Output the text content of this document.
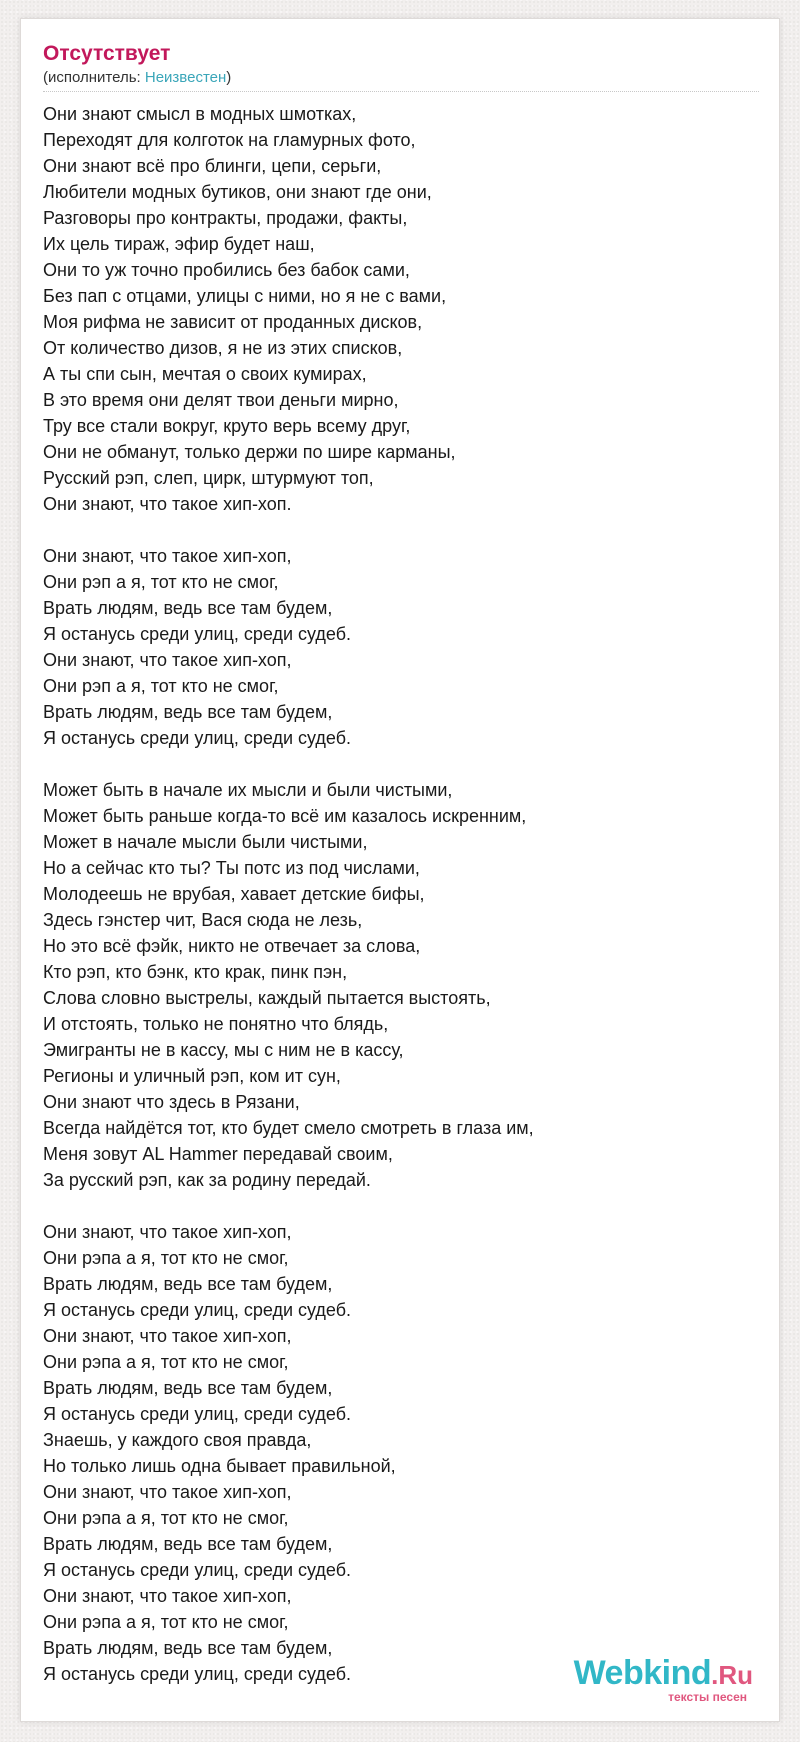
Отсутствует
(исполнитель: Неизвестен)
Они знают смысл в модных шмотках,
Переходят для колготок на гламурных фото,
Они знают всё про блинги, цепи, серьги,
Любители модных бутиков, они знают где они,
Разговоры про контракты, продажи, факты,
Их цель тираж, эфир будет наш,
Они то уж точно пробились без бабок сами,
Без пап с отцами, улицы с ними, но я не с вами,
Моя рифма не зависит от проданных дисков,
От количество дизов, я не из этих списков,
А ты спи сын, мечтая о своих кумирах,
В это время они делят твои деньги мирно,
Тру все стали вокруг, круто верь всему друг,
Они не обманут, только держи по шире карманы,
Русский рэп, слеп, цирк, штурмуют топ,
Они знают, что такое хип-хоп.
Они знают, что такое хип-хоп,
Они рэп а я, тот кто не смог,
Врать людям, ведь все там будем,
Я останусь среди улиц, среди судеб.
Они знают, что такое хип-хоп,
Они рэп а я, тот кто не смог,
Врать людям, ведь все там будем,
Я останусь среди улиц, среди судеб.
Может быть в начале их мысли и были чистыми,
Может быть раньше когда-то всё им казалось искренним,
Может в начале мысли были чистыми,
Но а сейчас кто ты? Ты потс из под числами,
Молодеешь не врубая, хавает детские бифы,
Здесь гэнстер чит, Вася сюда не лезь,
Но это всё фэйк, никто не отвечает за слова,
Кто рэп, кто бэнк, кто крак, пинк пэн,
Слова словно выстрелы, каждый пытается выстоять,
И отстоять, только не понятно что блядь,
Эмигранты не в кассу, мы с ним не в кассу,
Регионы и уличный рэп, ком ит сун,
Они знают что здесь в Рязани,
Всегда найдётся тот, кто будет смело смотреть в глаза им,
Меня зовут AL Hammer передавай своим,
За русский рэп, как за родину передай.
Они знают, что такое хип-хоп,
Они рэпа а я, тот кто не смог,
Врать людям, ведь все там будем,
Я останусь среди улиц, среди судеб.
Они знают, что такое хип-хоп,
Они рэпа а я, тот кто не смог,
Врать людям, ведь все там будем,
Я останусь среди улиц, среди судеб.
Знаешь, у каждого своя правда,
Но только лишь одна бывает правильной,
Они знают, что такое хип-хоп,
Они рэпа а я, тот кто не смог,
Врать людям, ведь все там будем,
Я останусь среди улиц, среди судеб.
Они знают, что такое хип-хоп,
Они рэпа а я, тот кто не смог,
Врать людям, ведь все там будем,
Я останусь среди улиц, среди судеб.	Webkind.Ru
тексты песен
